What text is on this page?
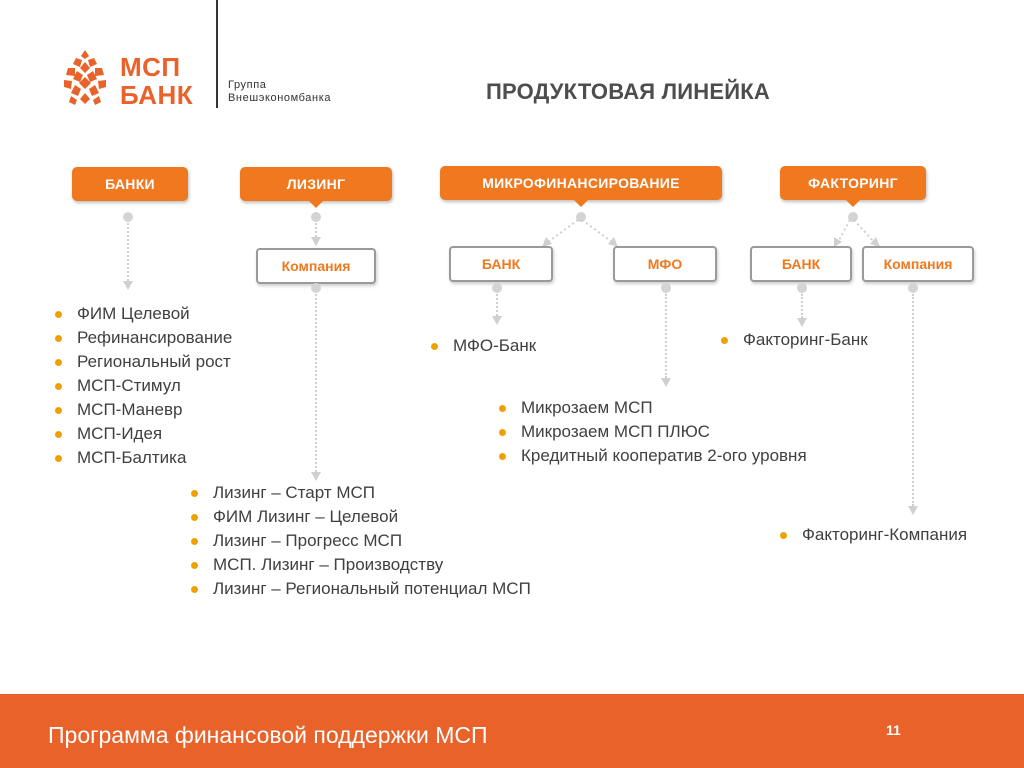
МСП
БАНК	Группа
Внешэкономбанка	ПРОДУКТОВАЯ ЛИНЕЙКА
БАНКИ	ЛИЗИНГ	МИКРОФИНАНСИРОВАНИЕ	ФАКТОРИНГ
Компания	БАНК	МФО	БАНК	Компания
ФИМ Целевой
Рефинансирование
Региональный рост
МСП-Стимул
МСП-Маневр
МСП-Идея
МСП-Балтика
Лизинг – Старт МСП
ФИМ Лизинг – Целевой
Лизинг – Прогресс МСП
МСП. Лизинг – Производству
Лизинг – Региональный потенциал МСП
МФО-Банк
Микрозаем МСП
Микрозаем МСП ПЛЮС
Кредитный кооператив 2-ого уровня
Факторинг-Банк
Факторинг-Компания
Программа финансовой поддержки МСП	11
